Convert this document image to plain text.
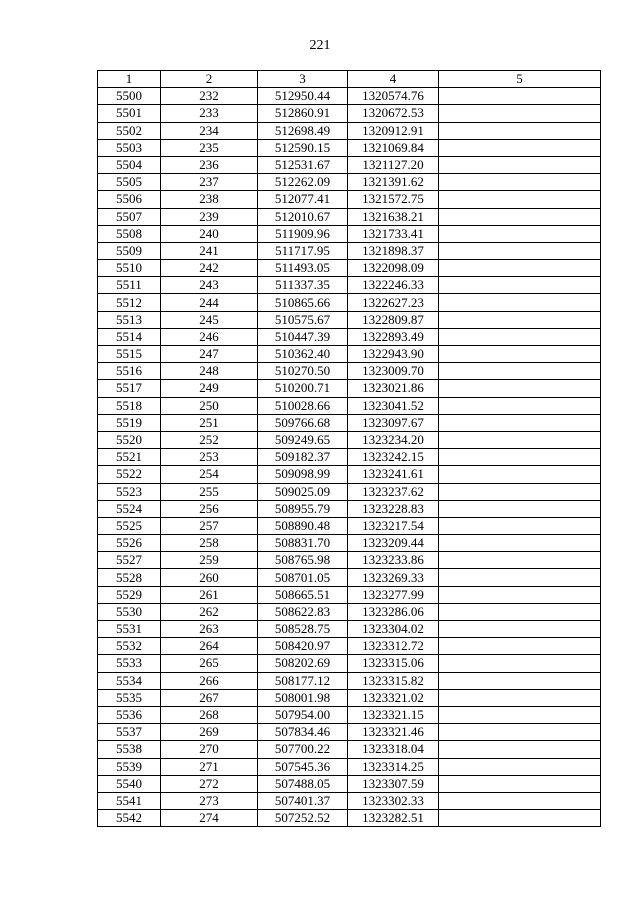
221
1	2	3	4	5
5500	232	512950.44	1320574.76	
5501	233	512860.91	1320672.53	
5502	234	512698.49	1320912.91	
5503	235	512590.15	1321069.84	
5504	236	512531.67	1321127.20	
5505	237	512262.09	1321391.62	
5506	238	512077.41	1321572.75	
5507	239	512010.67	1321638.21	
5508	240	511909.96	1321733.41	
5509	241	511717.95	1321898.37	
5510	242	511493.05	1322098.09	
5511	243	511337.35	1322246.33	
5512	244	510865.66	1322627.23	
5513	245	510575.67	1322809.87	
5514	246	510447.39	1322893.49	
5515	247	510362.40	1322943.90	
5516	248	510270.50	1323009.70	
5517	249	510200.71	1323021.86	
5518	250	510028.66	1323041.52	
5519	251	509766.68	1323097.67	
5520	252	509249.65	1323234.20	
5521	253	509182.37	1323242.15	
5522	254	509098.99	1323241.61	
5523	255	509025.09	1323237.62	
5524	256	508955.79	1323228.83	
5525	257	508890.48	1323217.54	
5526	258	508831.70	1323209.44	
5527	259	508765.98	1323233.86	
5528	260	508701.05	1323269.33	
5529	261	508665.51	1323277.99	
5530	262	508622.83	1323286.06	
5531	263	508528.75	1323304.02	
5532	264	508420.97	1323312.72	
5533	265	508202.69	1323315.06	
5534	266	508177.12	1323315.82	
5535	267	508001.98	1323321.02	
5536	268	507954.00	1323321.15	
5537	269	507834.46	1323321.46	
5538	270	507700.22	1323318.04	
5539	271	507545.36	1323314.25	
5540	272	507488.05	1323307.59	
5541	273	507401.37	1323302.33	
5542	274	507252.52	1323282.51	
